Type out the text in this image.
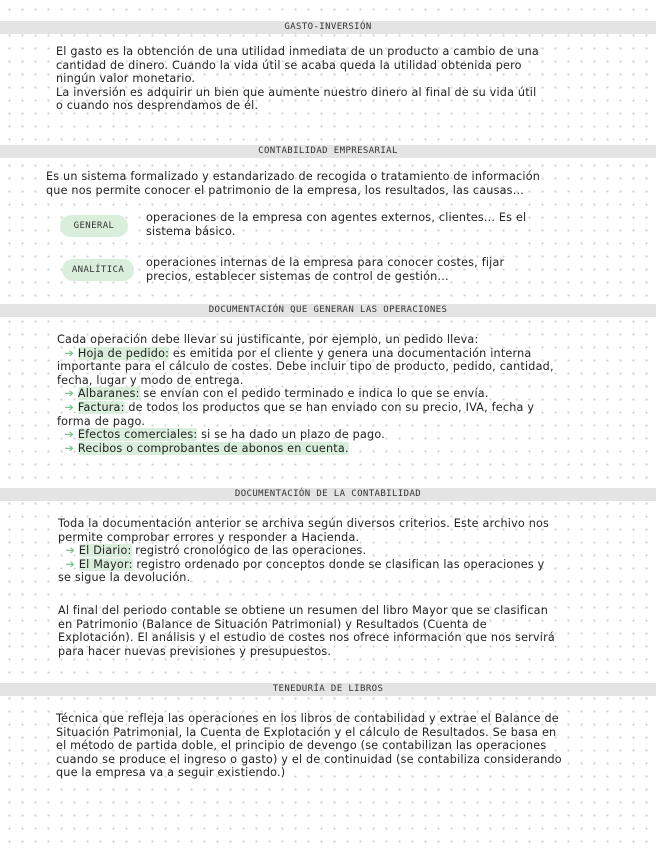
GASTO-INVERSIÓN

El gasto es la obtención de una utilidad inmediata de un producto a cambio de una

cantidad de dinero. Cuando la vida útil se acaba queda la utilidad obtenida pero

ningún valor monetario.

La inversión es adquirir un bien que aumente nuestro dinero al final de su vida útil

o cuando nos desprendamos de él.

CONTABILIDAD EMPRESARIAL

Es un sistema formalizado y estandarizado de recogida o tratamiento de información

que nos permite conocer el patrimonio de la empresa, los resultados, las causas...

GENERAL

operaciones de la empresa con agentes externos, clientes... Es el

sistema básico.

ANALÍTICA

operaciones internas de la empresa para conocer costes, fijar

precios, establecer sistemas de control de gestión...

DOCUMENTACIÓN QUE GENERAN LAS OPERACIONES

Cada operación debe llevar su justificante, por ejemplo, un pedido lleva:

➔ Hoja de pedido: es emitida por el cliente y genera una documentación interna

importante para el cálculo de costes. Debe incluir tipo de producto, pedido, cantidad,

fecha, lugar y modo de entrega.

➔ Albaranes: se envían con el pedido terminado e indica lo que se envía.

➔ Factura: de todos los productos que se han enviado con su precio, IVA, fecha y

forma de pago.

➔ Efectos comerciales: si se ha dado un plazo de pago.

➔ Recibos o comprobantes de abonos en cuenta.

DOCUMENTACIÓN DE LA CONTABILIDAD

Toda la documentación anterior se archiva según diversos criterios. Este archivo nos

permite comprobar errores y responder a Hacienda.

➔ El Diario: registró cronológico de las operaciones.

➔ El Mayor: registro ordenado por conceptos donde se clasifican las operaciones y

se sigue la devolución.

Al final del periodo contable se obtiene un resumen del libro Mayor que se clasifican

en Patrimonio (Balance de Situación Patrimonial) y Resultados (Cuenta de

Explotación). El análisis y el estudio de costes nos ofrece información que nos servirá

para hacer nuevas previsiones y presupuestos.

TENEDURÍA DE LIBROS

Técnica que refleja las operaciones en los libros de contabilidad y extrae el Balance de

Situación Patrimonial, la Cuenta de Explotación y el cálculo de Resultados. Se basa en

el método de partida doble, el principio de devengo (se contabilizan las operaciones

cuando se produce el ingreso o gasto) y el de continuidad (se contabiliza considerando

que la empresa va a seguir existiendo.)
